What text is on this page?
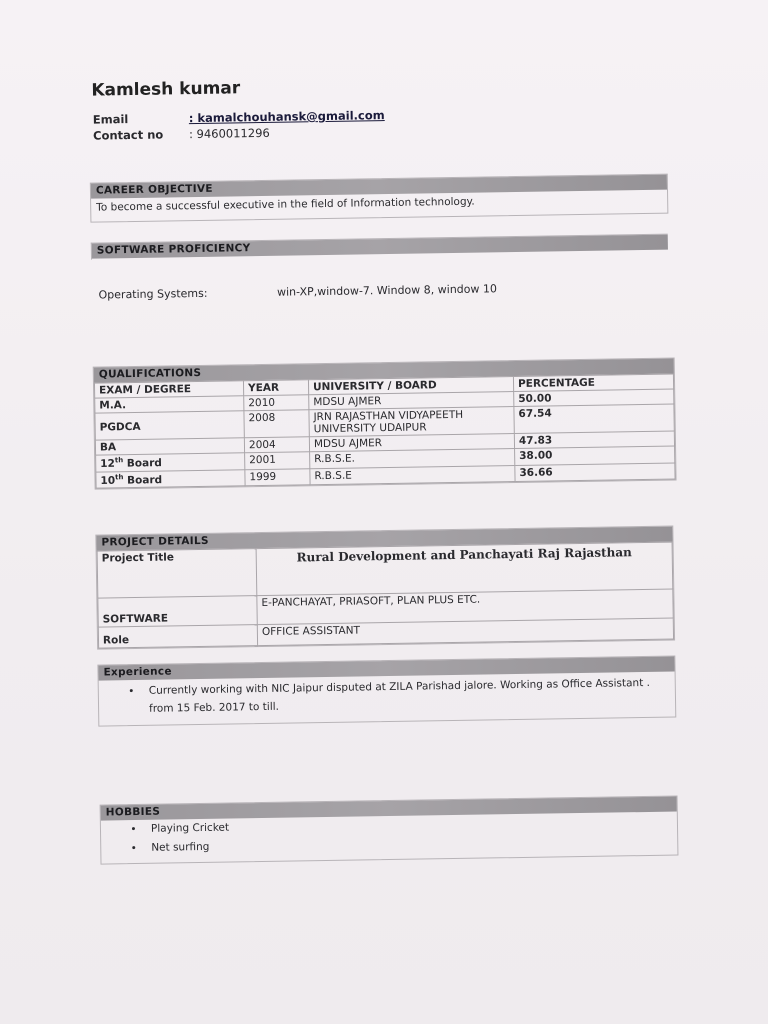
Kamlesh kumar
Email	: kamalchouhansk@gmail.com
Contact no	: 9460011296
CAREER OBJECTIVE
To become a successful executive in the field of Information technology.
SOFTWARE PROFICIENCY
Operating Systems:	win-XP,window-7. Window 8, window 10
QUALIFICATIONS
EXAM / DEGREE	YEAR	UNIVERSITY / BOARD	PERCENTAGE
M.A.	2010	MDSU AJMER	50.00
PGDCA	2008	JRN RAJASTHAN VIDYAPEETH UNIVERSITY UDAIPUR	67.54
BA	2004	MDSU AJMER	47.83
12th Board	2001	R.B.S.E.	38.00
10th Board	1999	R.B.S.E	36.66
PROJECT DETAILS
Project Title	Rural Development and Panchayati Raj Rajasthan
SOFTWARE	E-PANCHAYAT, PRIASOFT, PLAN PLUS ETC.
Role	OFFICE ASSISTANT
Experience
• Currently working with NIC Jaipur disputed at ZILA Parishad jalore. Working as Office Assistant . from 15 Feb. 2017 to till.
HOBBIES
• Playing Cricket
• Net surfing
